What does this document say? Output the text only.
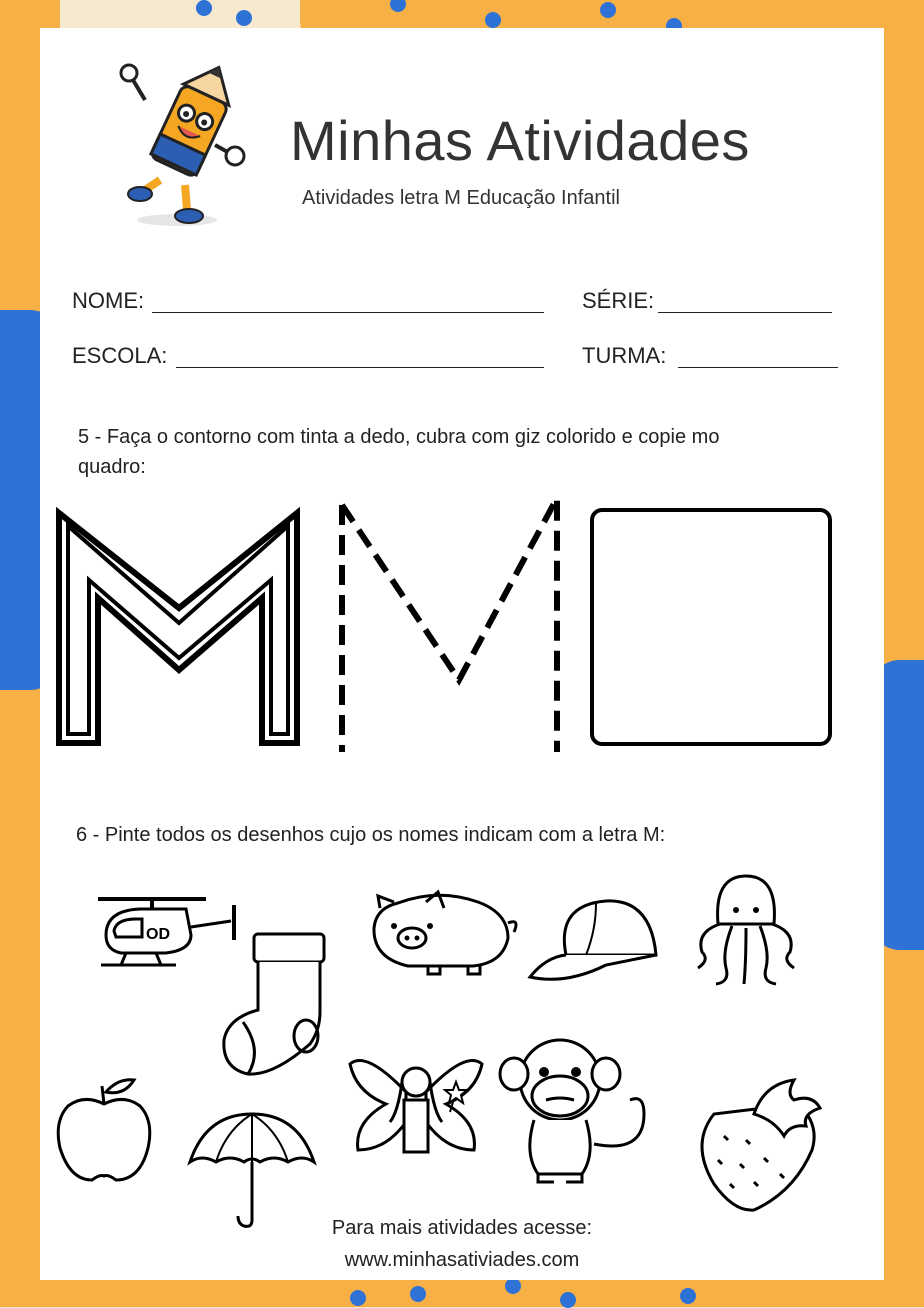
Minhas Atividades
Atividades letra M Educação Infantil
NOME:	SÉRIE:
ESCOLA:	TURMA:
5 - Faça o contorno com tinta a dedo, cubra com giz colorido e copie mo
quadro:
6 - Pinte todos os desenhos cujo os nomes indicam com a letra M:
OD
Para mais atividades acesse:
www.minhasativiades.com
